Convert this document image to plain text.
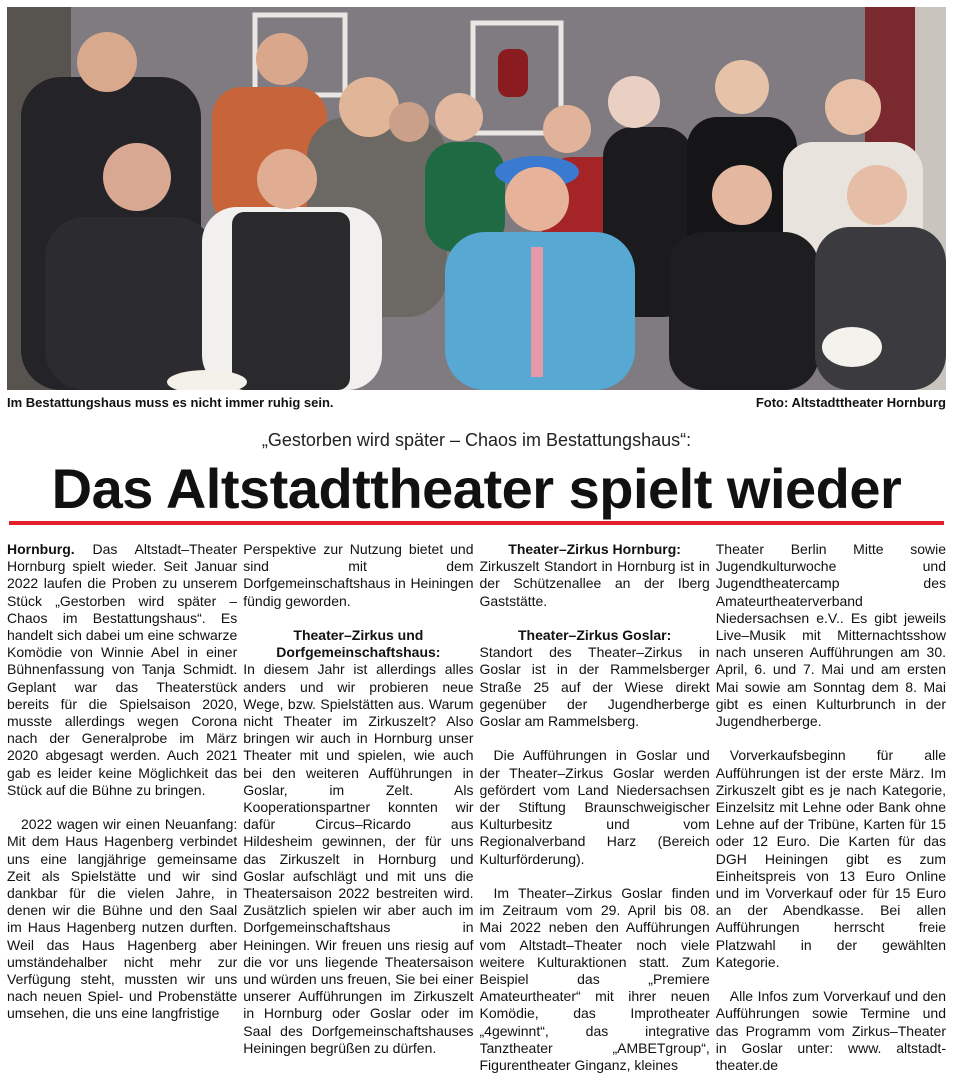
Im Bestattungshaus muss es nicht immer ruhig sein.	Foto: Altstadttheater Hornburg
„Gestorben wird später – Chaos im Bestattungshaus“:
Das Altstadttheater spielt wieder

Hornburg. Das Altstadt–Theater Hornburg spielt wieder. Seit Januar 2022 laufen die Proben zu unserem Stück „Gestorben wird später – Chaos im Bestattungshaus“. Es handelt sich dabei um eine schwarze Komödie von Winnie Abel in einer Bühnenfassung von Tanja Schmidt. Geplant war das Theaterstück bereits für die Spielsaison 2020, musste allerdings wegen Corona nach der Generalprobe im März 2020 abgesagt werden. Auch 2021 gab es leider keine Möglichkeit das Stück auf die Bühne zu bringen.

2022 wagen wir einen Neuanfang: Mit dem Haus Hagenberg verbindet uns eine langjährige gemeinsame Zeit als Spielstätte und wir sind dankbar für die vielen Jahre, in denen wir die Bühne und den Saal im Haus Hagenberg nutzen durften. Weil das Haus Hagenberg aber umständehalber nicht mehr zur Verfügung steht, mussten wir uns nach neuen Spiel- und Probenstätte umsehen, die uns eine langfristige

Perspektive zur Nutzung bietet und sind mit dem Dorfgemeinschaftshaus in Heiningen fündig geworden.

Theater–Zirkus und
Dorfgemeinschaftshaus:

In diesem Jahr ist allerdings alles anders und wir probieren neue Wege, bzw. Spielstätten aus. Warum nicht Theater im Zirkuszelt? Also bringen wir auch in Hornburg unser Theater mit und spielen, wie auch bei den weiteren Aufführungen in Goslar, im Zelt. Als Kooperationspartner konnten wir dafür Circus–Ricardo aus Hildesheim gewinnen, der für uns das Zirkuszelt in Hornburg und Goslar aufschlägt und mit uns die Theatersaison 2022 bestreiten wird. Zusätzlich spielen wir aber auch im Dorfgemeinschaftshaus in Heiningen. Wir freuen uns riesig auf die vor uns liegende Theatersaison und würden uns freuen, Sie bei einer unserer Aufführungen im Zirkuszelt in Hornburg oder Goslar oder im Saal des Dorfgemeinschaftshauses Heiningen begrüßen zu dürfen.

Theater–Zirkus Hornburg:

Zirkuszelt Standort in Hornburg ist in der Schützenallee an der Iberg Gaststätte.

Theater–Zirkus Goslar:

Standort des Theater–Zirkus in Goslar ist in der Rammelsberger Straße 25 auf der Wiese direkt gegenüber der Jugendherberge Goslar am Rammelsberg.

Die Aufführungen in Goslar und der Theater–Zirkus Goslar werden gefördert vom Land Niedersachsen der Stiftung Braunschweigischer Kulturbesitz und vom Regionalverband Harz (Bereich Kulturförderung).

Im Theater–Zirkus Goslar finden im Zeitraum vom 29. April bis 08. Mai 2022 neben den Aufführungen vom Altstadt–Theater noch viele weitere Kulturaktionen statt. Zum Beispiel das „Premiere Amateurtheater“ mit ihrer neuen Komödie, das Improtheater „4gewinnt“, das integrative Tanztheater „AMBETgroup“, Figurentheater Ginganz, kleines

Theater Berlin Mitte sowie Jugendkulturwoche und Jugendtheatercamp des Amateurtheaterverband Niedersachsen e.V.. Es gibt jeweils Live–Musik mit Mitternachtsshow nach unseren Aufführungen am 30. April, 6. und 7. Mai und am ersten Mai sowie am Sonntag dem 8. Mai gibt es einen Kulturbrunch in der Jugendherberge.

Vorverkaufsbeginn für alle Aufführungen ist der erste März. Im Zirkuszelt gibt es je nach Kategorie, Einzelsitz mit Lehne oder Bank ohne Lehne auf der Tribüne, Karten für 15 oder 12 Euro. Die Karten für das DGH Heiningen gibt es zum Einheitspreis von 13 Euro Online und im Vorverkauf oder für 15 Euro an der Abendkasse. Bei allen Aufführungen herrscht freie Platzwahl in der gewählten Kategorie.

Alle Infos zum Vorverkauf und den Aufführungen sowie Termine und das Programm vom Zirkus–Theater in Goslar unter: www. altstadt-theater.de
